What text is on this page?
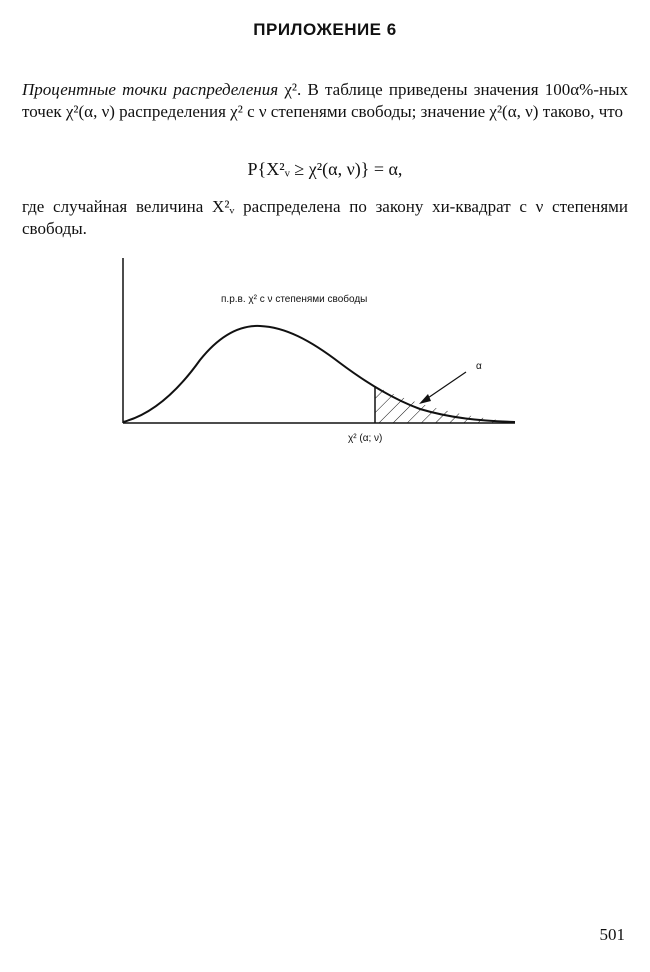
ПРИЛОЖЕНИЕ 6
Процентные точки распределения χ². В таблице приведены значения 100α%-ных точек χ²(α, ν) распределения χ² с ν степенями свободы; значение χ²(α, ν) таково, что
P{X²ᵥ ≥ χ²(α, ν)} = α,
где случайная величина X²ᵥ распределена по закону хи-квадрат с ν степенями свободы.
п.р.в. χ² с ν степенями свободы
α
χ² (α; ν)
501
